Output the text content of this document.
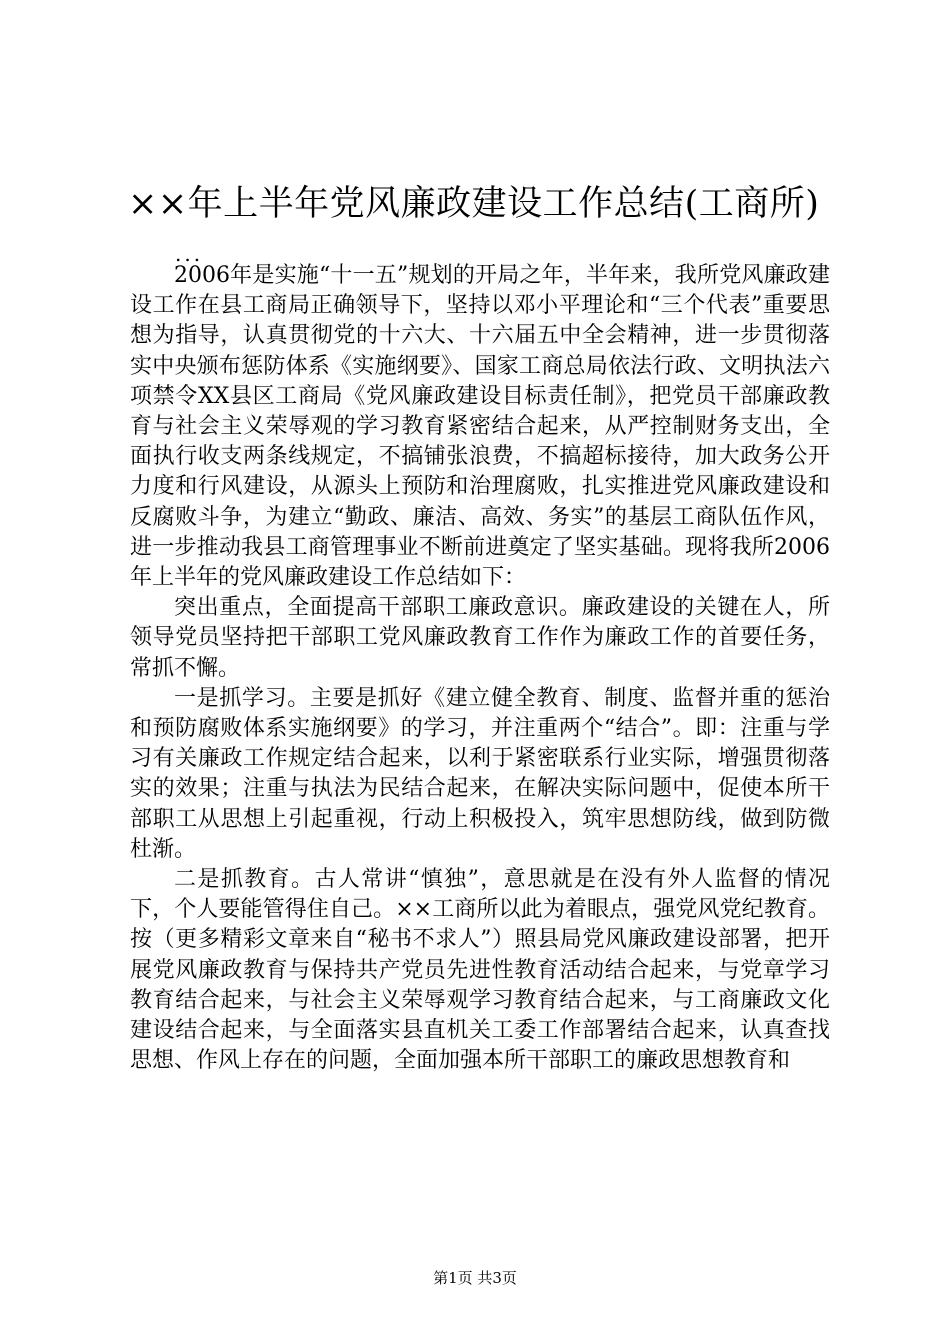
××年上半年党风廉政建设工作总结(工商所)
...

2006年是实施“十一五”规划的开局之年，半年来，我所党风廉政建设工作在县工商局正确领导下，坚持以邓小平理论和“三个代表”重要思想为指导，认真贯彻党的十六大、十六届五中全会精神，进一步贯彻落实中央颁布惩防体系《实施纲要》、国家工商总局依法行政、文明执法六项禁令XX县区工商局《党风廉政建设目标责任制》，把党员干部廉政教育与社会主义荣辱观的学习教育紧密结合起来，从严控制财务支出，全面执行收支两条线规定，不搞铺张浪费，不搞超标接待，加大政务公开力度和行风建设，从源头上预防和治理腐败，扎实推进党风廉政建设和反腐败斗争，为建立“勤政、廉洁、高效、务实”的基层工商队伍作风，进一步推动我县工商管理事业不断前进奠定了坚实基础。现将我所2006年上半年的党风廉政建设工作总结如下：

突出重点，全面提高干部职工廉政意识。廉政建设的关键在人，所领导党员坚持把干部职工党风廉政教育工作作为廉政工作的首要任务，常抓不懈。

一是抓学习。主要是抓好《建立健全教育、制度、监督并重的惩治和预防腐败体系实施纲要》的学习，并注重两个“结合”。即：注重与学习有关廉政工作规定结合起来，以利于紧密联系行业实际，增强贯彻落实的效果；注重与执法为民结合起来，在解决实际问题中，促使本所干部职工从思想上引起重视，行动上积极投入，筑牢思想防线，做到防微杜渐。

二是抓教育。古人常讲“慎独”，意思就是在没有外人监督的情况下，个人要能管得住自己。××工商所以此为着眼点，强党风党纪教育。按（更多精彩文章来自“秘书不求人”）照县局党风廉政建设部署，把开展党风廉政教育与保持共产党员先进性教育活动结合起来，与党章学习教育结合起来，与社会主义荣辱观学习教育结合起来，与工商廉政文化建设结合起来，与全面落实县直机关工委工作部署结合起来，认真查找思想、作风上存在的问题，全面加强本所干部职工的廉政思想教育和

第1页 共3页
